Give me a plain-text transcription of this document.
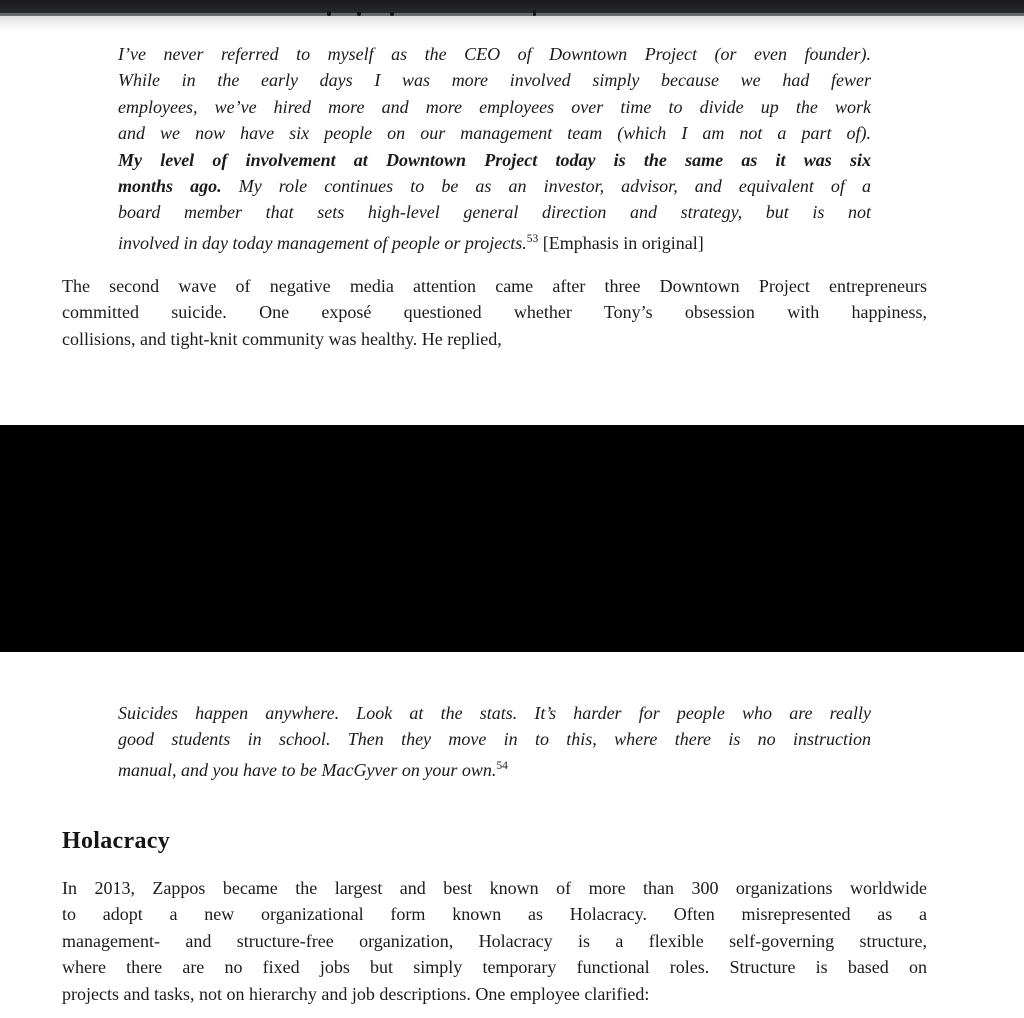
I’ve never referred to myself as the CEO of Downtown Project (or even founder).
While in the early days I was more involved simply because we had fewer
employees, we’ve hired more and more employees over time to divide up the work
and we now have six people on our management team (which I am not a part of).
My level of involvement at Downtown Project today is the same as it was six
months ago. My role continues to be as an investor, advisor, and equivalent of a
board member that sets high-level general direction and strategy, but is not
involved in day today management of people or projects.$^{53}$ [Emphasis in original]
The second wave of negative media attention came after three Downtown Project entrepreneurs
committed suicide. One exposé questioned whether Tony’s obsession with happiness,
collisions, and tight-knit community was healthy. He replied,
Suicides happen anywhere. Look at the stats. It’s harder for people who are really
good students in school. Then they move in to this, where there is no instruction
manual, and you have to be MacGyver on your own.$^{54}$
Holacracy
In 2013, Zappos became the largest and best known of more than 300 organizations worldwide
to adopt a new organizational form known as Holacracy. Often misrepresented as a
management- and structure-free organization, Holacracy is a flexible self-governing structure,
where there are no fixed jobs but simply temporary functional roles. Structure is based on
projects and tasks, not on hierarchy and job descriptions. One employee clarified:
